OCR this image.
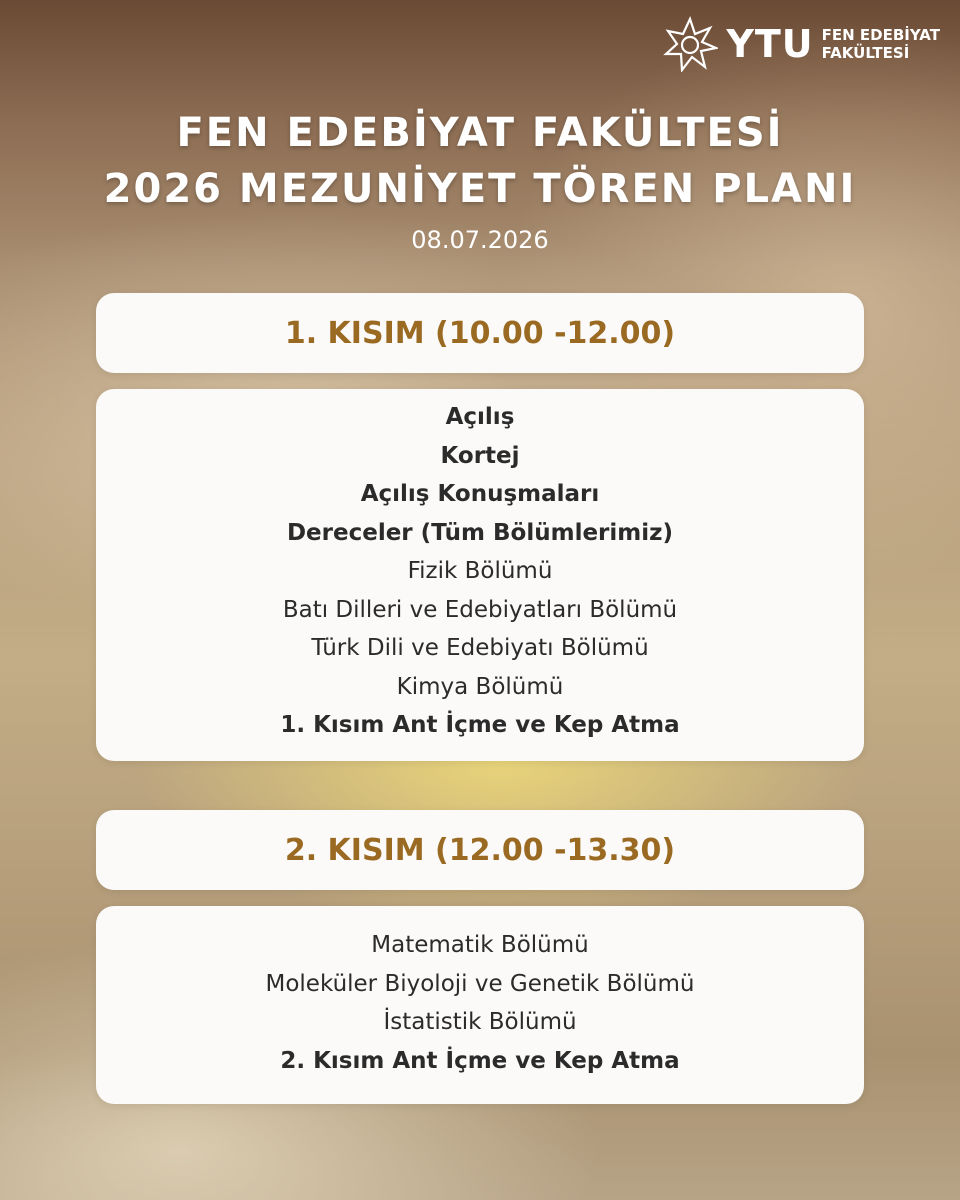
YTU FEN EDEBİYAT
FAKÜLTESİ
FEN EDEBİYAT FAKÜLTESİ
2026 MEZUNİYET TÖREN PLANI
08.07.2026
1. KISIM (10.00 -12.00)
Açılış
Kortej
Açılış Konuşmaları
Dereceler (Tüm Bölümlerimiz)
Fizik Bölümü
Batı Dilleri ve Edebiyatları Bölümü
Türk Dili ve Edebiyatı Bölümü
Kimya Bölümü
1. Kısım Ant İçme ve Kep Atma
2. KISIM (12.00 -13.30)
Matematik Bölümü
Moleküler Biyoloji ve Genetik Bölümü
İstatistik Bölümü
2. Kısım Ant İçme ve Kep Atma
